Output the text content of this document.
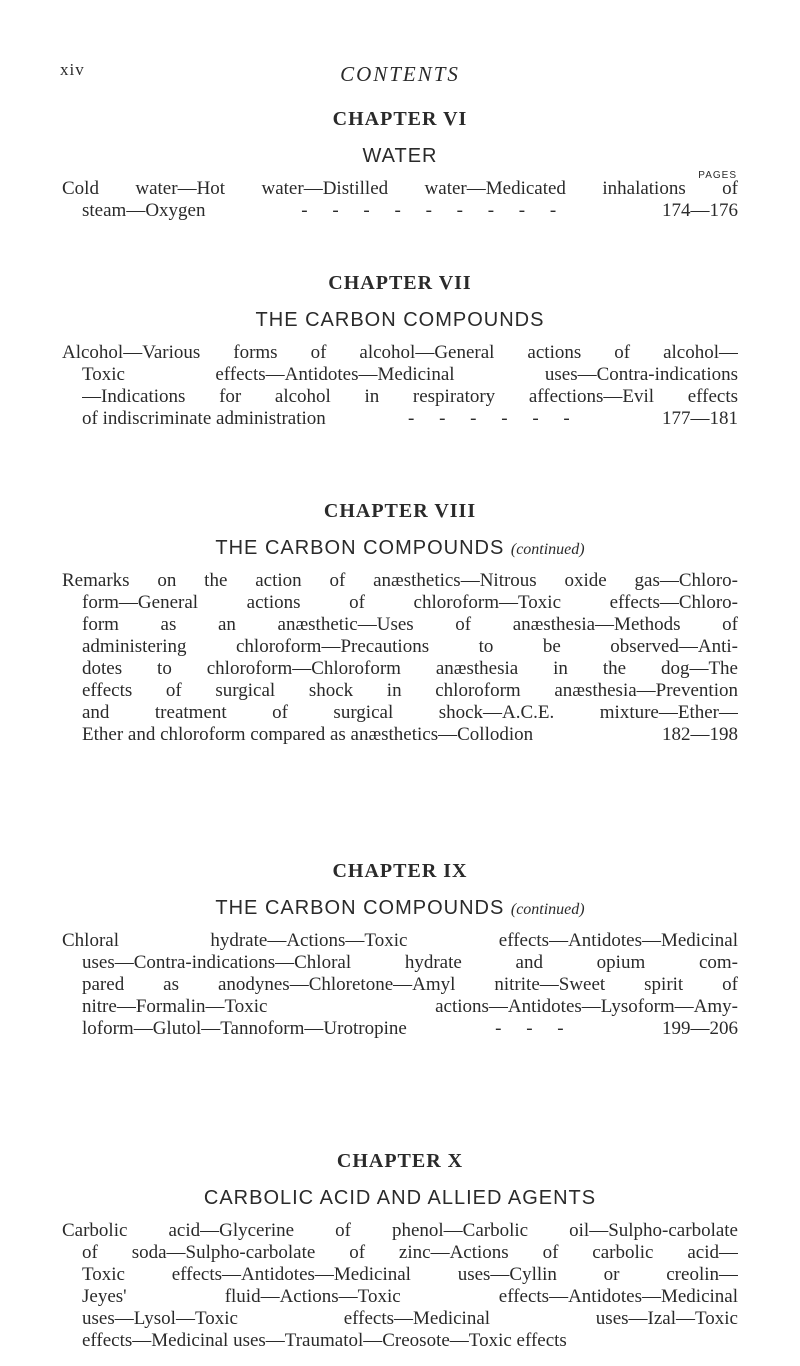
xiv	CONTENTS
CHAPTER VI
WATER
PAGES
Cold water—Hot water—Distilled water—Medicated inhalations of
steam—Oxygen	- - - - - - - - -	174—176
CHAPTER VII
THE CARBON COMPOUNDS
Alcohol—Various forms of alcohol—General actions of alcohol—
Toxic effects—Antidotes—Medicinal uses—Contra-indications
—Indications for alcohol in respiratory affections—Evil effects
of indiscriminate administration	- - - - - -	177—181
CHAPTER VIII
THE CARBON COMPOUNDS (continued)
Remarks on the action of anæsthetics—Nitrous oxide gas—Chloro-
form—General actions of chloroform—Toxic effects—Chloro-
form as an anæsthetic—Uses of anæsthesia—Methods of
administering chloroform—Precautions to be observed—Anti-
dotes to chloroform—Chloroform anæsthesia in the dog—The
effects of surgical shock in chloroform anæsthesia—Prevention
and treatment of surgical shock—A.C.E. mixture—Ether—
Ether and chloroform compared as anæsthetics—Collodion	182—198
CHAPTER IX
THE CARBON COMPOUNDS (continued)
Chloral hydrate—Actions—Toxic effects—Antidotes—Medicinal
uses—Contra-indications—Chloral hydrate and opium com-
pared as anodynes—Chloretone—Amyl nitrite—Sweet spirit of
nitre—Formalin—Toxic actions—Antidotes—Lysoform—Amy-
loform—Glutol—Tannoform—Urotropine	- - -	199—206
CHAPTER X
CARBOLIC ACID AND ALLIED AGENTS
Carbolic acid—Glycerine of phenol—Carbolic oil—Sulpho-carbolate
of soda—Sulpho-carbolate of zinc—Actions of carbolic acid—
Toxic effects—Antidotes—Medicinal uses—Cyllin or creolin—
Jeyes' fluid—Actions—Toxic effects—Antidotes—Medicinal
uses—Lysol—Toxic effects—Medicinal uses—Izal—Toxic
effects—Medicinal uses—Traumatol—Creosote—Toxic effects
